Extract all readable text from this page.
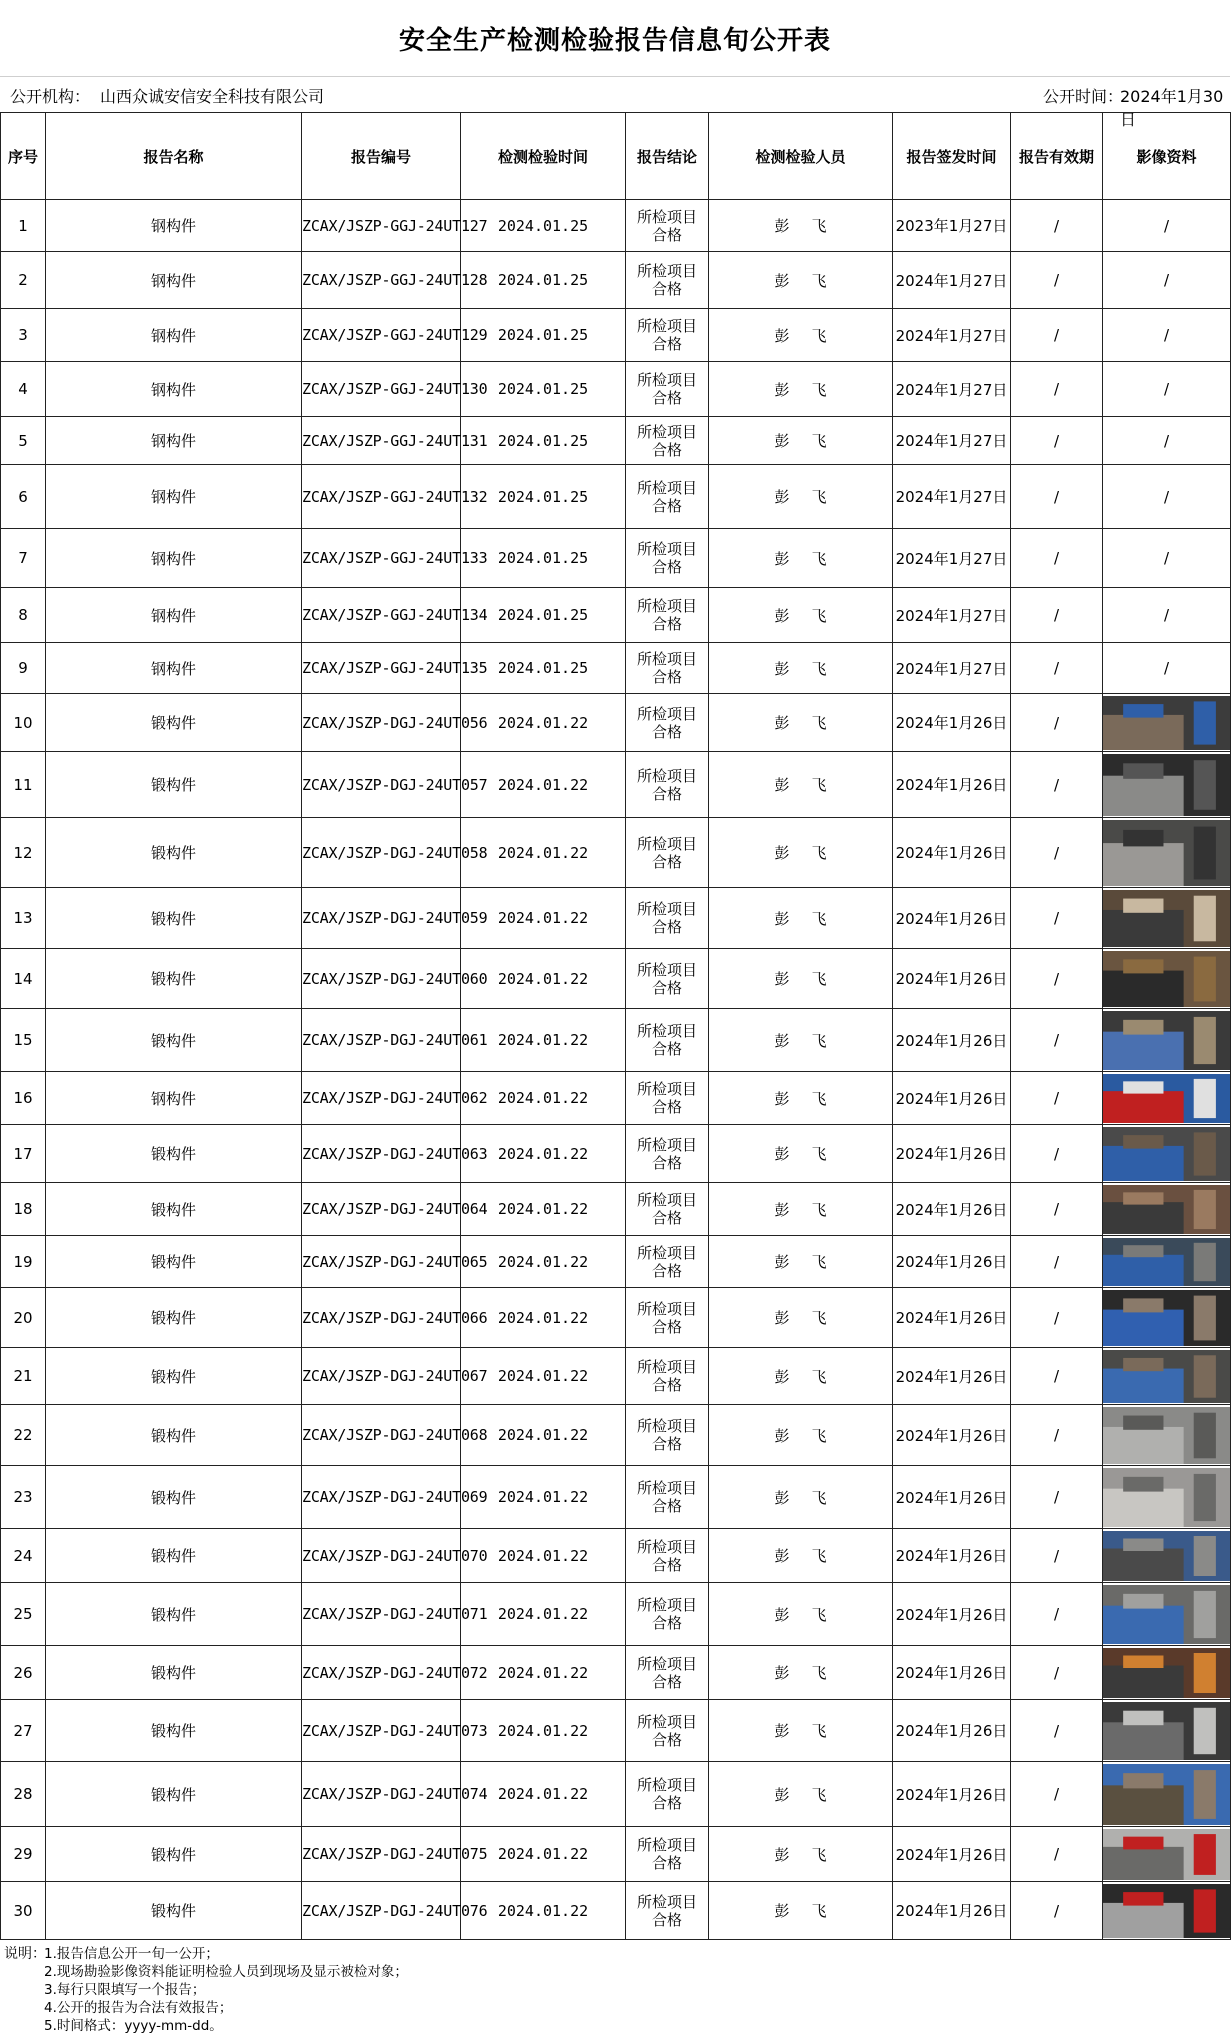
安全生产检测检验报告信息旬公开表
公开机构： 山西众诚安信安全科技有限公司	公开时间：
2024年1月30日
序号	报告名称	报告编号	检测检验时间	报告结论	检测检验人员	报告签发时间	报告有效期	影像资料
1	钢构件	ZCAX/JSZP-GGJ-24UT127	2024.01.25	所检项目
合格	彭 飞	2023年1月27日	/	/
2	钢构件	ZCAX/JSZP-GGJ-24UT128	2024.01.25	所检项目
合格	彭 飞	2024年1月27日	/	/
3	钢构件	ZCAX/JSZP-GGJ-24UT129	2024.01.25	所检项目
合格	彭 飞	2024年1月27日	/	/
4	钢构件	ZCAX/JSZP-GGJ-24UT130	2024.01.25	所检项目
合格	彭 飞	2024年1月27日	/	/
5	钢构件	ZCAX/JSZP-GGJ-24UT131	2024.01.25	所检项目
合格	彭 飞	2024年1月27日	/	/
6	钢构件	ZCAX/JSZP-GGJ-24UT132	2024.01.25	所检项目
合格	彭 飞	2024年1月27日	/	/
7	钢构件	ZCAX/JSZP-GGJ-24UT133	2024.01.25	所检项目
合格	彭 飞	2024年1月27日	/	/
8	钢构件	ZCAX/JSZP-GGJ-24UT134	2024.01.25	所检项目
合格	彭 飞	2024年1月27日	/	/
9	钢构件	ZCAX/JSZP-GGJ-24UT135	2024.01.25	所检项目
合格	彭 飞	2024年1月27日	/	/
10	锻构件	ZCAX/JSZP-DGJ-24UT056	2024.01.22	所检项目
合格	彭 飞	2024年1月26日	/	

11	锻构件	ZCAX/JSZP-DGJ-24UT057	2024.01.22	所检项目
合格	彭 飞	2024年1月26日	/	

12	锻构件	ZCAX/JSZP-DGJ-24UT058	2024.01.22	所检项目
合格	彭 飞	2024年1月26日	/	

13	锻构件	ZCAX/JSZP-DGJ-24UT059	2024.01.22	所检项目
合格	彭 飞	2024年1月26日	/	

14	锻构件	ZCAX/JSZP-DGJ-24UT060	2024.01.22	所检项目
合格	彭 飞	2024年1月26日	/	

15	锻构件	ZCAX/JSZP-DGJ-24UT061	2024.01.22	所检项目
合格	彭 飞	2024年1月26日	/	

16	钢构件	ZCAX/JSZP-DGJ-24UT062	2024.01.22	所检项目
合格	彭 飞	2024年1月26日	/	

17	锻构件	ZCAX/JSZP-DGJ-24UT063	2024.01.22	所检项目
合格	彭 飞	2024年1月26日	/	

18	锻构件	ZCAX/JSZP-DGJ-24UT064	2024.01.22	所检项目
合格	彭 飞	2024年1月26日	/	

19	锻构件	ZCAX/JSZP-DGJ-24UT065	2024.01.22	所检项目
合格	彭 飞	2024年1月26日	/	

20	锻构件	ZCAX/JSZP-DGJ-24UT066	2024.01.22	所检项目
合格	彭 飞	2024年1月26日	/	

21	锻构件	ZCAX/JSZP-DGJ-24UT067	2024.01.22	所检项目
合格	彭 飞	2024年1月26日	/	

22	锻构件	ZCAX/JSZP-DGJ-24UT068	2024.01.22	所检项目
合格	彭 飞	2024年1月26日	/	

23	锻构件	ZCAX/JSZP-DGJ-24UT069	2024.01.22	所检项目
合格	彭 飞	2024年1月26日	/	

24	锻构件	ZCAX/JSZP-DGJ-24UT070	2024.01.22	所检项目
合格	彭 飞	2024年1月26日	/	

25	锻构件	ZCAX/JSZP-DGJ-24UT071	2024.01.22	所检项目
合格	彭 飞	2024年1月26日	/	

26	锻构件	ZCAX/JSZP-DGJ-24UT072	2024.01.22	所检项目
合格	彭 飞	2024年1月26日	/	

27	锻构件	ZCAX/JSZP-DGJ-24UT073	2024.01.22	所检项目
合格	彭 飞	2024年1月26日	/	

28	锻构件	ZCAX/JSZP-DGJ-24UT074	2024.01.22	所检项目
合格	彭 飞	2024年1月26日	/	

29	锻构件	ZCAX/JSZP-DGJ-24UT075	2024.01.22	所检项目
合格	彭 飞	2024年1月26日	/	

30	锻构件	ZCAX/JSZP-DGJ-24UT076	2024.01.22	所检项目
合格	彭 飞	2024年1月26日	/	
说明：
1.报告信息公开一旬一公开；
2.现场勘验影像资料能证明检验人员到现场及显示被检对象；
3.每行只限填写一个报告；
4.公开的报告为合法有效报告；
5.时间格式：yyyy-mm-dd。
